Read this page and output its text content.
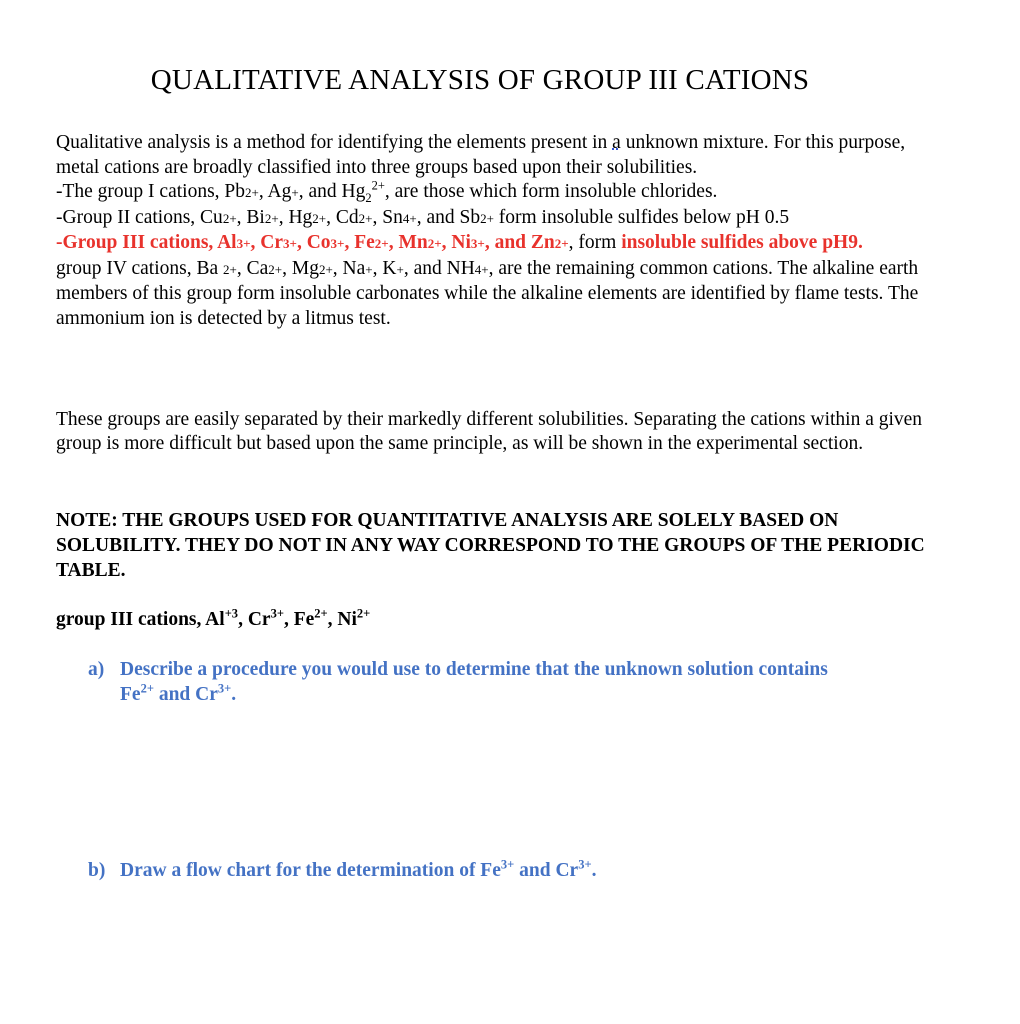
QUALITATIVE ANALYSIS OF GROUP III CATIONS
Qualitative analysis is a method for identifying the elements present in a unknown mixture. For this purpose, metal cations are broadly classified into three groups based upon their solubilities.
-The group I cations, Pb2+, Ag+, and $Hg_2^{2+}$, are those which form insoluble chlorides.
-Group II cations, Cu2+, Bi2+, Hg2+, Cd2+, Sn4+, and Sb2+ form insoluble sulfides below pH 0.5
-Group III cations, Al3+, Cr3+, Co3+, Fe2+, Mn2+, Ni3+, and Zn2+, form insoluble sulfides above pH9.
group IV cations, Ba 2+, Ca2+, Mg2+, Na+, K+, and NH4+, are the remaining common cations. The alkaline earth members of this group form insoluble carbonates while the alkaline elements are identified by flame tests. The ammonium ion is detected by a litmus test.
These groups are easily separated by their markedly different solubilities. Separating the cations within a given group is more difficult but based upon the same principle, as will be shown in the experimental section.
NOTE: THE GROUPS USED FOR QUANTITATIVE ANALYSIS ARE SOLELY BASED ON SOLUBILITY. THEY DO NOT IN ANY WAY CORRESPOND TO THE GROUPS OF THE PERIODIC TABLE.
group III cations, $Al^{+3}$, $Cr^{3+}$, $Fe^{2+}$, $Ni^{2+}$
a) Describe a procedure you would use to determine that the unknown solution contains $Fe^{2+}$ and $Cr^{3+}$.
b) Draw a flow chart for the determination of $Fe^{3+}$ and $Cr^{3+}$.
